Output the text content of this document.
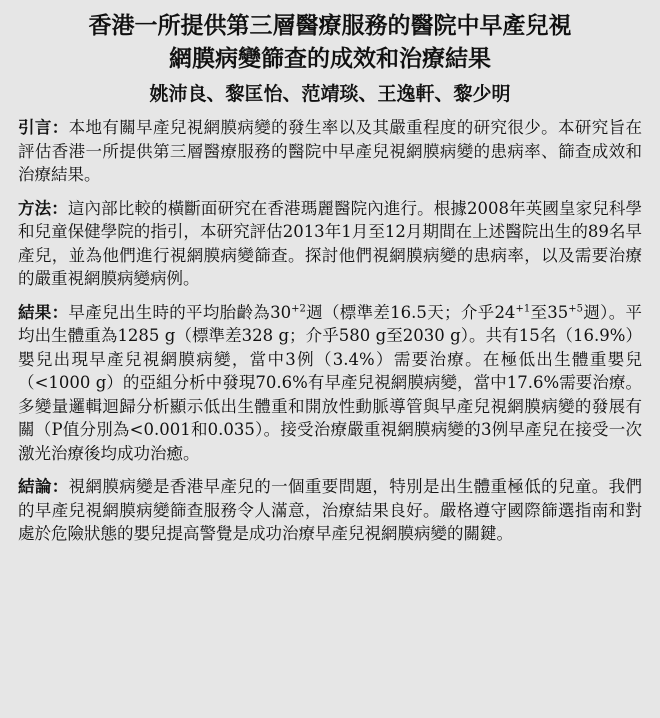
香港一所提供第三層醫療服務的醫院中早產兒視
網膜病變篩查的成效和治療結果
姚沛良、黎匡怡、范靖琰、王逸軒、黎少明

引言：本地有關早產兒視網膜病變的發生率以及其嚴重程度的研究很少。本研究旨在評估香港一所提供第三層醫療服務的醫院中早產兒視網膜病變的患病率、篩查成效和治療結果。

方法：這內部比較的橫斷面研究在香港瑪麗醫院內進行。根據2008年英國皇家兒科學和兒童保健學院的指引，本研究評估2013年1月至12月期間在上述醫院出生的89名早產兒，並為他們進行視網膜病變篩查。探討他們視網膜病變的患病率，以及需要治療的嚴重視網膜病變病例。

結果：早產兒出生時的平均胎齡為$30^{+2}$週（標準差16.5天；介乎$24^{+1}$至$35^{+5}$週）。平均出生體重為1285 g（標準差328 g；介乎580 g至2030 g）。共有15名（16.9%）嬰兒出現早產兒視網膜病變，當中3例（3.4%）需要治療。在極低出生體重嬰兒（<1000 g）的亞組分析中發現70.6%有早產兒視網膜病變，當中17.6%需要治療。多變量邏輯迴歸分析顯示低出生體重和開放性動脈導管與早產兒視網膜病變的發展有關（P值分別為<0.001和0.035）。接受治療嚴重視網膜病變的3例早產兒在接受一次激光治療後均成功治癒。

結論：視網膜病變是香港早產兒的一個重要問題，特別是出生體重極低的兒童。我們的早產兒視網膜病變篩查服務令人滿意，治療結果良好。嚴格遵守國際篩選指南和對處於危險狀態的嬰兒提高警覺是成功治療早產兒視網膜病變的關鍵。
